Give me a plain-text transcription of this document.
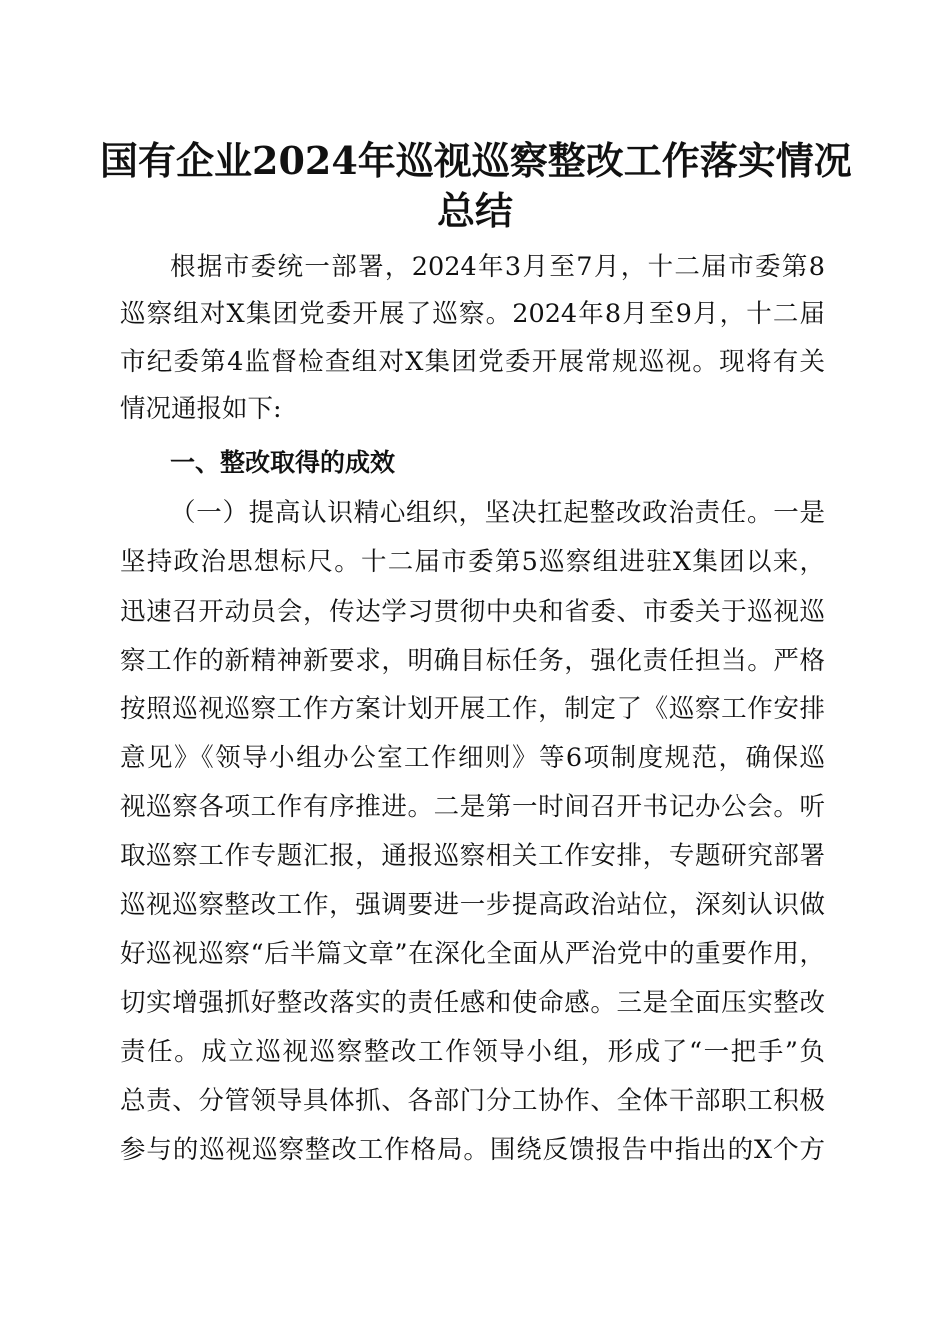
国有企业2024年巡视巡察整改工作落实情况
总结
根据市委统一部署，2024年3月至7月，十二届市委第8
巡察组对X集团党委开展了巡察。2024年8月至9月，十二届
市纪委第4监督检查组对X集团党委开展常规巡视。现将有关
情况通报如下:
一、整改取得的成效
（一）提高认识精心组织，坚决扛起整改政治责任。一是
坚持政治思想标尺。十二届市委第5巡察组进驻X集团以来，
迅速召开动员会，传达学习贯彻中央和省委、市委关于巡视巡
察工作的新精神新要求，明确目标任务，强化责任担当。严格
按照巡视巡察工作方案计划开展工作，制定了《巡察工作安排
意见》《领导小组办公室工作细则》等6项制度规范，确保巡
视巡察各项工作有序推进。二是第一时间召开书记办公会。听
取巡察工作专题汇报，通报巡察相关工作安排，专题研究部署
巡视巡察整改工作，强调要进一步提高政治站位，深刻认识做
好巡视巡察“后半篇文章”在深化全面从严治党中的重要作用，
切实增强抓好整改落实的责任感和使命感。三是全面压实整改
责任。成立巡视巡察整改工作领导小组，形成了“一把手”负
总责、分管领导具体抓、各部门分工协作、全体干部职工积极
参与的巡视巡察整改工作格局。围绕反馈报告中指出的X个方
